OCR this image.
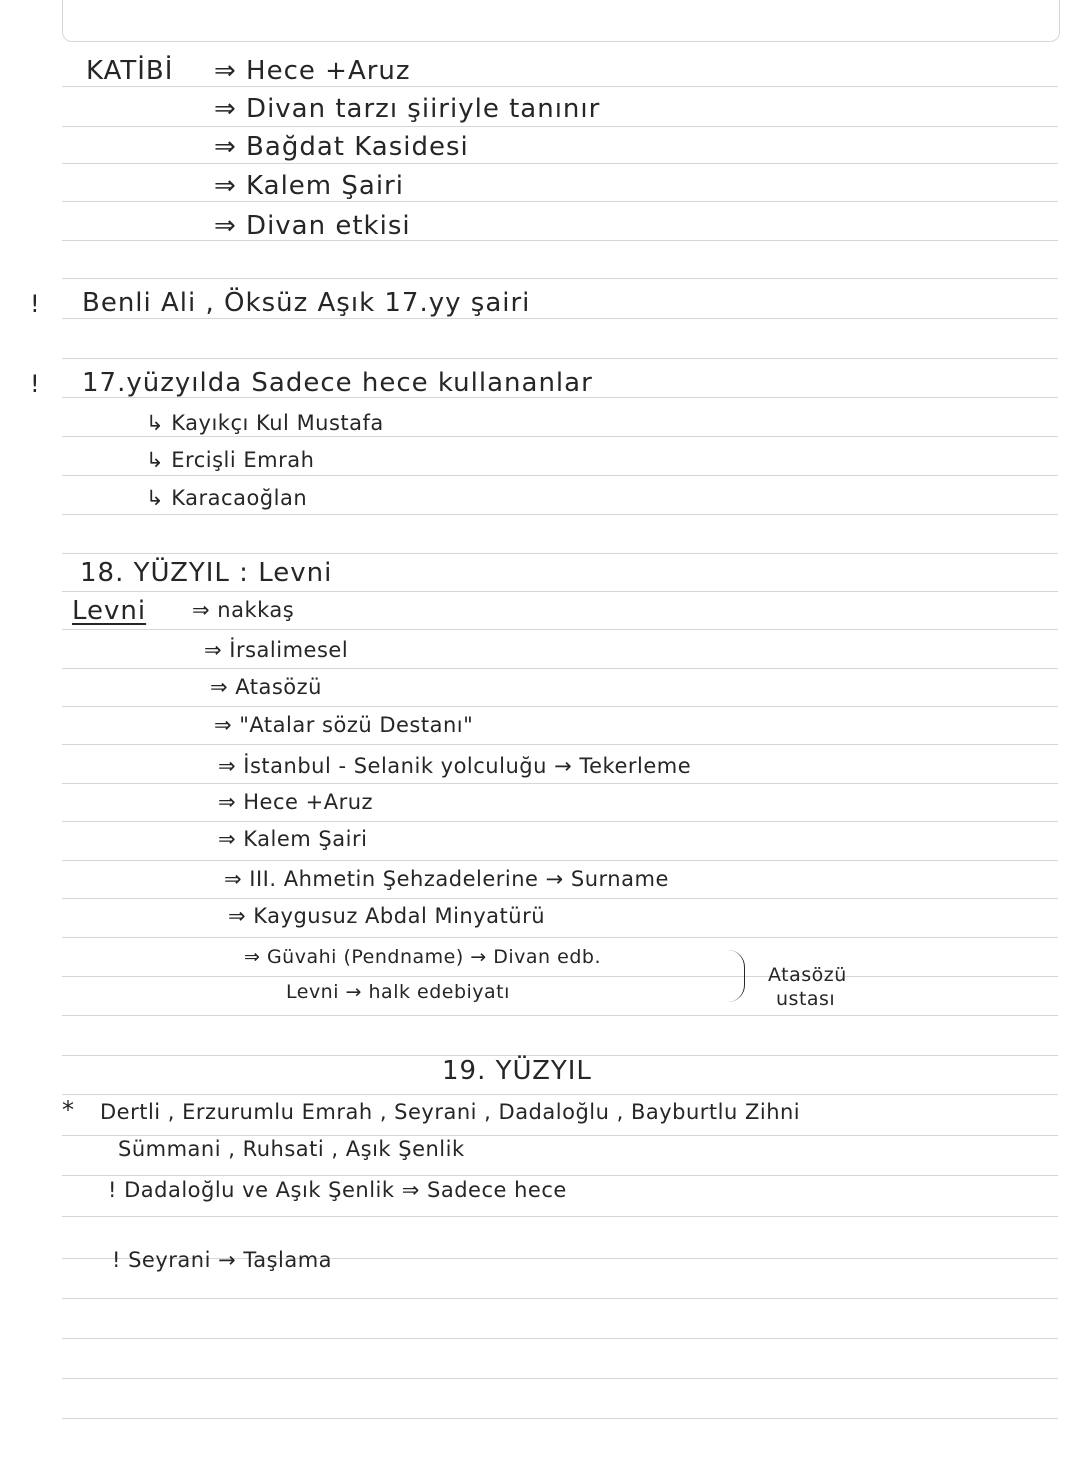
KATİBİ ⇒ Hece +Aruz
⇒ Divan tarzı şiiriyle tanınır
⇒ Bağdat Kasidesi
⇒ Kalem Şairi
⇒ Divan etkisi
! Benli Ali , Öksüz Aşık 17.yy şairi
! 17.yüzyılda Sadece hece kullananlar
↳ Kayıkçı Kul Mustafa
↳ Ercişli Emrah
↳ Karacaoğlan
18. YÜZYIL : Levni
Levni ⇒ nakkaş
⇒ İrsalimesel
⇒ Atasözü
⇒ "Atalar sözü Destanı"
⇒ İstanbul - Selanik yolculuğu → Tekerleme
⇒ Hece +Aruz
⇒ Kalem Şairi
⇒ III. Ahmetin Şehzadelerine → Surname
⇒ Kaygusuz Abdal Minyatürü
⇒ Güvahi (Pendname) → Divan edb.
Levni → halk edebiyatı
Atasözü
ustası
19. YÜZYIL
* Dertli , Erzurumlu Emrah , Seyrani , Dadaloğlu , Bayburtlu Zihni
Sümmani , Ruhsati , Aşık Şenlik
! Dadaloğlu ve Aşık Şenlik ⇒ Sadece hece
! Seyrani → Taşlama
